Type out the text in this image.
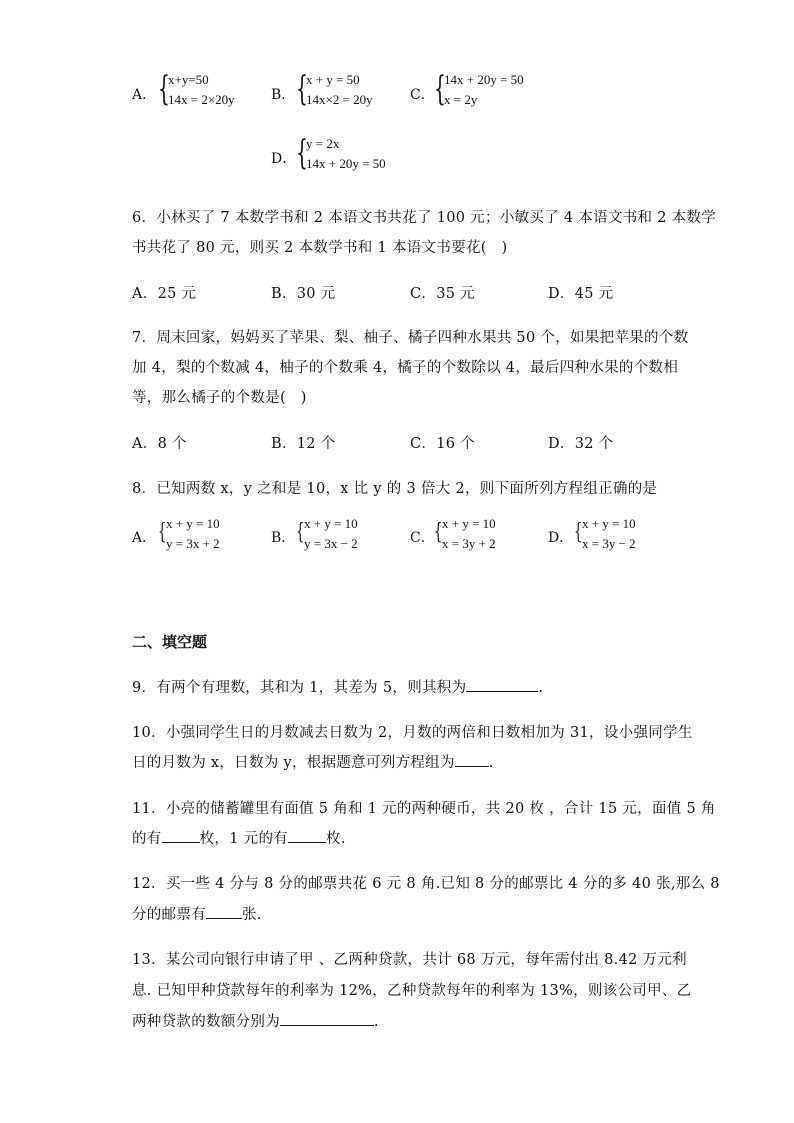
A． {
x+y=50
14x = 2×20y	B． {
x + y = 50
14x×2 = 20y	C． {
14x + 20y = 50
x = 2y
D． {
y = 2x
14x + 20y = 50
6．小林买了 7 本数学书和 2 本语文书共花了 100 元；小敏买了 4 本语文书和 2 本数学
书共花了 80 元，则买 2 本数学书和 1 本语文书要花(　)
A．25 元	B．30 元	C．35 元	D．45 元
7．周末回家，妈妈买了苹果、梨、柚子、橘子四种水果共 50 个，如果把苹果的个数
加 4，梨的个数减 4，柚子的个数乘 4，橘子的个数除以 4，最后四种水果的个数相
等，那么橘子的个数是(　)
A．8 个	B．12 个	C．16 个	D．32 个
8．已知两数 x，y 之和是 10，x 比 y 的 3 倍大 2，则下面所列方程组正确的是
A． { x + y = 10
y = 3x + 2	B． { x + y = 10
y = 3x − 2	C． { x + y = 10
x = 3y + 2	D． { x + y = 10
x = 3y − 2
二、填空题
9．有两个有理数，其和为 1，其差为 5，则其积为	.
10．小强同学生日的月数减去日数为 2，月数的两倍和日数相加为 31，设小强同学生
日的月数为 x，日数为 y，根据题意可列方程组为 .
11．小亮的储蓄罐里有面值 5 角和 1 元的两种硬币，共 20 枚 ，合计 15 元，面值 5 角
的有	枚，1 元的有	枚.
12．买一些 4 分与 8 分的邮票共花 6 元 8 角.已知 8 分的邮票比 4 分的多 40 张,那么 8
分的邮票有 张.
13．某公司向银行申请了甲 、乙两种贷款，共计 68 万元，每年需付出 8.42 万元利
息. 已知甲种贷款每年的利率为 12%，乙种贷款每年的利率为 13%，则该公司甲、乙
两种贷款的数额分别为	.
